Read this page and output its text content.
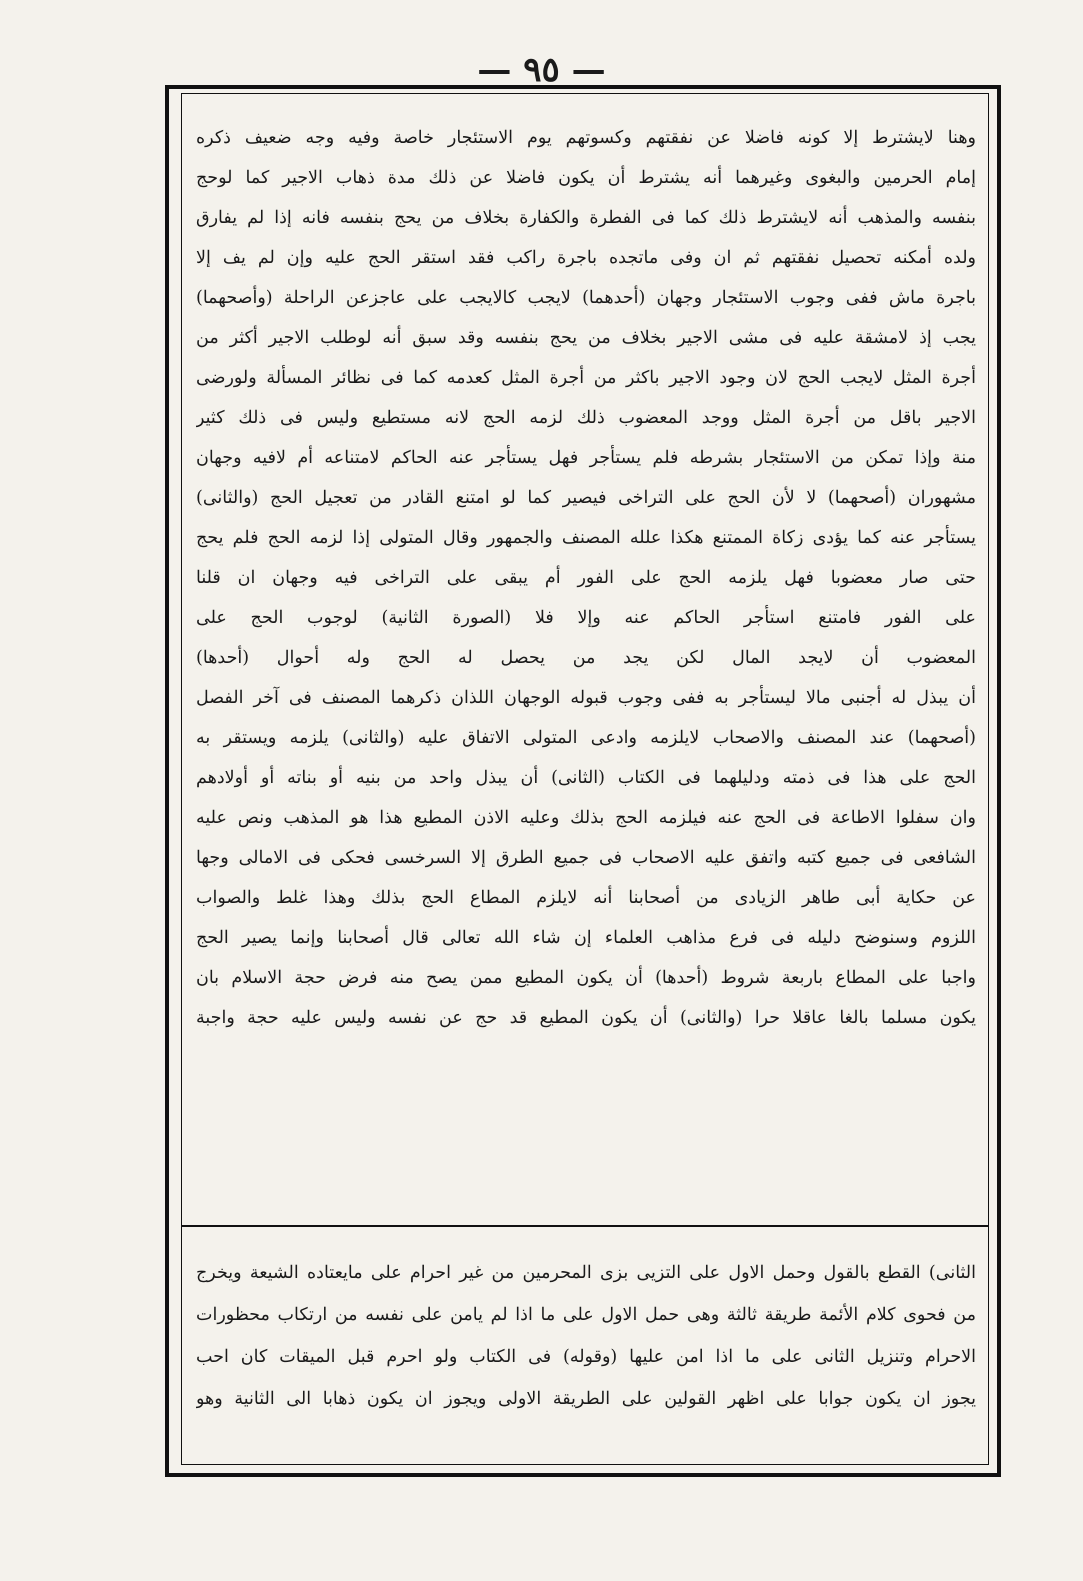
— ٩٥ —
وهنا لايشترط إلا كونه فاضلا عن نفقتهم وكسوتهم يوم الاستئجار خاصة وفيه وجه ضعيف ذكره
إمام الحرمين والبغوى وغيرهما أنه يشترط أن يكون فاضلا عن ذلك مدة ذهاب الاجير كما لوحج
بنفسه والمذهب أنه لايشترط ذلك كما فى الفطرة والكفارة بخلاف من يحج بنفسه فانه إذا لم يفارق
ولده أمكنه تحصيل نفقتهم ثم ان وفى ماتجده باجرة راكب فقد استقر الحج عليه وإن لم يف إلا
باجرة ماش ففى وجوب الاستئجار وجهان (أحدهما) لايجب كالايجب على عاجزعن الراحلة (وأصحهما)
يجب إذ لامشقة عليه فى مشى الاجير بخلاف من يحج بنفسه وقد سبق أنه لوطلب الاجير أكثر من
أجرة المثل لايجب الحج لان وجود الاجير باكثر من أجرة المثل كعدمه كما فى نظائر المسألة ولورضى
الاجير باقل من أجرة المثل ووجد المعضوب ذلك لزمه الحج لانه مستطيع وليس فى ذلك كثير
منة وإذا تمكن من الاستئجار بشرطه فلم يستأجر فهل يستأجر عنه الحاكم لامتناعه أم لافيه وجهان
مشهوران (أصحهما) لا لأن الحج على التراخى فيصير كما لو امتنع القادر من تعجيل الحج (والثانى)
يستأجر عنه كما يؤدى زكاة الممتنع هكذا علله المصنف والجمهور وقال المتولى إذا لزمه الحج فلم يحج
حتى صار معضوبا فهل يلزمه الحج على الفور أم يبقى على التراخى فيه وجهان ان قلنا
على الفور فامتنع استأجر الحاكم عنه وإلا فلا (الصورة الثانية) لوجوب الحج على
المعضوب أن لايجد المال لكن يجد من يحصل له الحج وله أحوال (أحدها)
أن يبذل له أجنبى مالا ليستأجر به ففى وجوب قبوله الوجهان اللذان ذكرهما المصنف فى آخر الفصل
(أصحهما) عند المصنف والاصحاب لايلزمه وادعى المتولى الاتفاق عليه (والثانى) يلزمه ويستقر به
الحج على هذا فى ذمته ودليلهما فى الكتاب (الثانى) أن يبذل واحد من بنيه أو بناته أو أولادهم
وان سفلوا الاطاعة فى الحج عنه فيلزمه الحج بذلك وعليه الاذن المطيع هذا هو المذهب ونص عليه
الشافعى فى جميع كتبه واتفق عليه الاصحاب فى جميع الطرق إلا السرخسى فحكى فى الامالى وجها
عن حكاية أبى طاهر الزيادى من أصحابنا أنه لايلزم المطاع الحج بذلك وهذا غلط والصواب
اللزوم وسنوضح دليله فى فرع مذاهب العلماء إن شاء الله تعالى قال أصحابنا وإنما يصير الحج
واجبا على المطاع باربعة شروط (أحدها) أن يكون المطيع ممن يصح منه فرض حجة الاسلام بان
يكون مسلما بالغا عاقلا حرا (والثانى) أن يكون المطيع قد حج عن نفسه وليس عليه حجة واجبة
الثانى) القطع بالقول وحمل الاول على التزيى بزى المحرمين من غير احرام على مايعتاده الشيعة ويخرج
من فحوى كلام الأئمة طريقة ثالثة وهى حمل الاول على ما اذا لم يامن على نفسه من ارتكاب محظورات
الاحرام وتنزيل الثانى على ما اذا امن عليها (وقوله) فى الكتاب ولو احرم قبل الميقات كان احب
يجوز ان يكون جوابا على اظهر القولين على الطريقة الاولى ويجوز ان يكون ذهابا الى الثانية وهو
